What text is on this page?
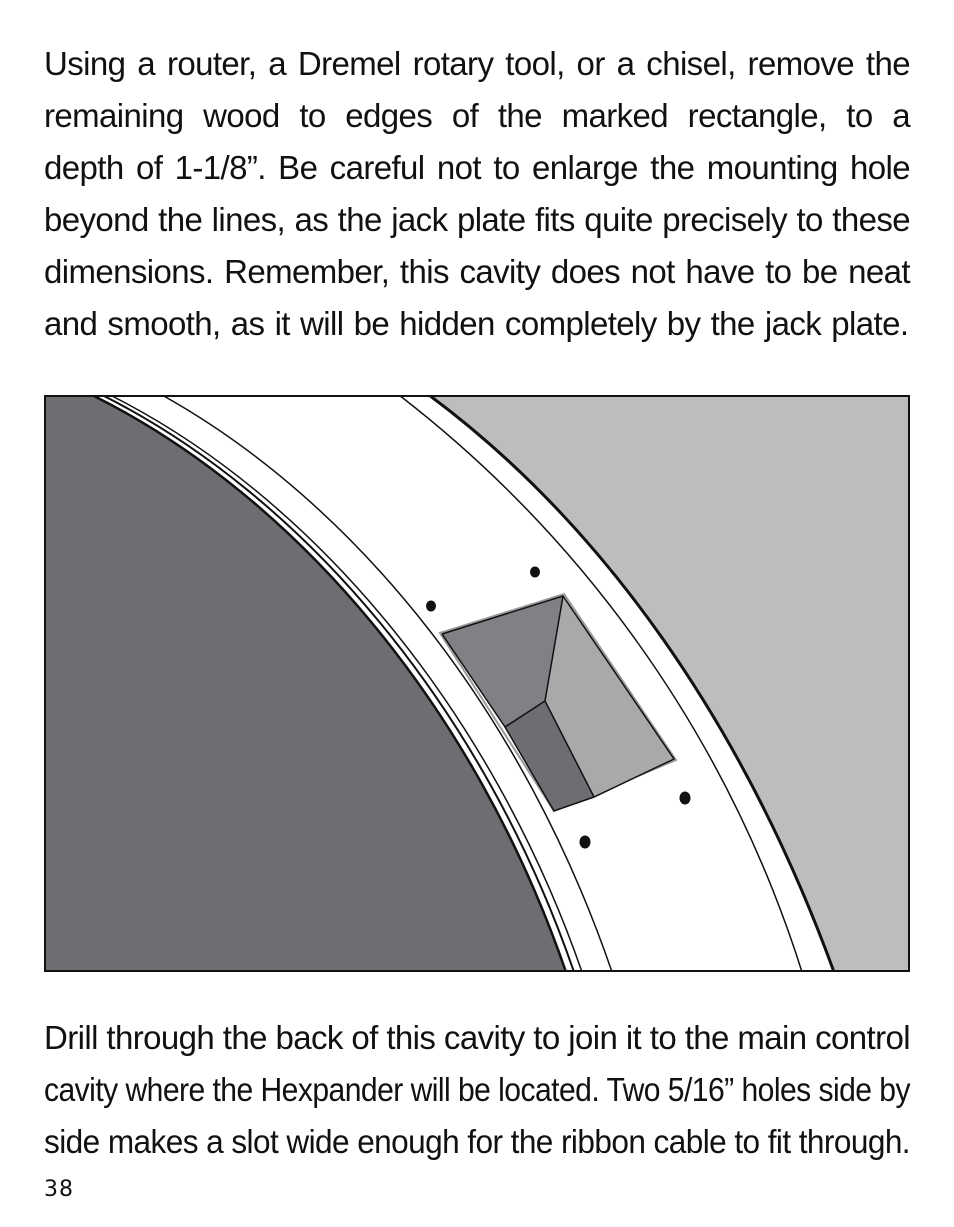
Using a router, a Dremel rotary tool, or a chisel, remove the
remaining wood to edges of the marked rectangle, to a
depth of 1-1/8”. Be careful not to enlarge the mounting hole
beyond the lines, as the jack plate fits quite precisely to these
dimensions. Remember, this cavity does not have to be neat
and smooth, as it will be hidden completely by the jack plate.

Drill through the back of this cavity to join it to the main control
cavity where the Hexpander will be located. Two 5/16” holes side by
side makes a slot wide enough for the ribbon cable to fit through.

38
